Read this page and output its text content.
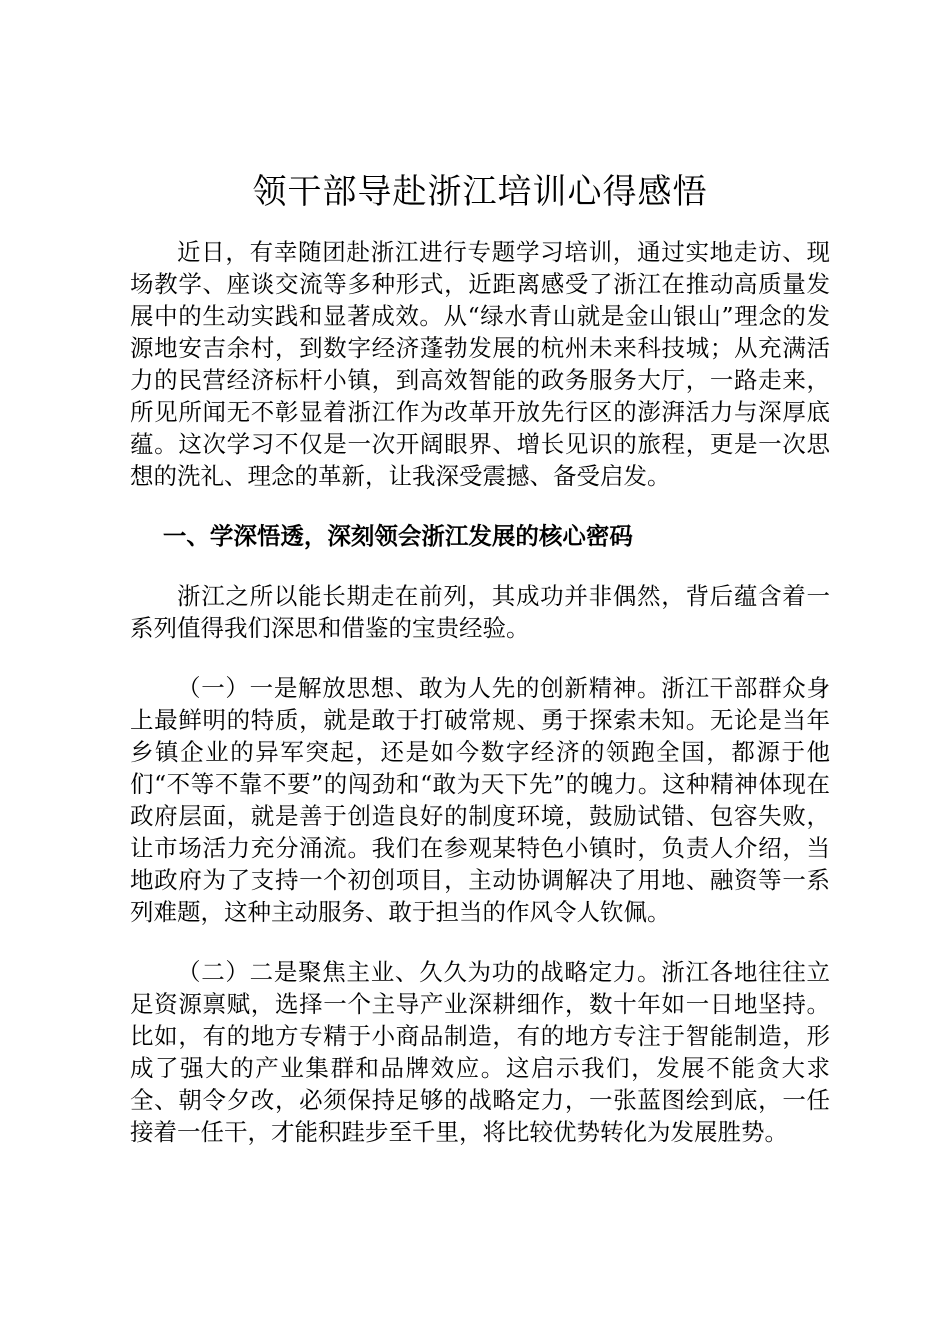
领干部导赴浙江培训心得感悟

近日，有幸随团赴浙江进行专题学习培训，通过实地走访、现场教学、座谈交流等多种形式，近距离感受了浙江在推动高质量发展中的生动实践和显著成效。从“绿水青山就是金山银山”理念的发源地安吉余村，到数字经济蓬勃发展的杭州未来科技城；从充满活力的民营经济标杆小镇，到高效智能的政务服务大厅，一路走来，所见所闻无不彰显着浙江作为改革开放先行区的澎湃活力与深厚底蕴。这次学习不仅是一次开阔眼界、增长见识的旅程，更是一次思想的洗礼、理念的革新，让我深受震撼、备受启发。

一、学深悟透，深刻领会浙江发展的核心密码

浙江之所以能长期走在前列，其成功并非偶然，背后蕴含着一系列值得我们深思和借鉴的宝贵经验。

（一）一是解放思想、敢为人先的创新精神。浙江干部群众身上最鲜明的特质，就是敢于打破常规、勇于探索未知。无论是当年乡镇企业的异军突起，还是如今数字经济的领跑全国，都源于他们“不等不靠不要”的闯劲和“敢为天下先”的魄力。这种精神体现在政府层面，就是善于创造良好的制度环境，鼓励试错、包容失败，让市场活力充分涌流。我们在参观某特色小镇时，负责人介绍，当地政府为了支持一个初创项目，主动协调解决了用地、融资等一系列难题，这种主动服务、敢于担当的作风令人钦佩。

（二）二是聚焦主业、久久为功的战略定力。浙江各地往往立足资源禀赋，选择一个主导产业深耕细作，数十年如一日地坚持。比如，有的地方专精于小商品制造，有的地方专注于智能制造，形成了强大的产业集群和品牌效应。这启示我们，发展不能贪大求全、朝令夕改，必须保持足够的战略定力，一张蓝图绘到底，一任接着一任干，才能积跬步至千里，将比较优势转化为发展胜势。
